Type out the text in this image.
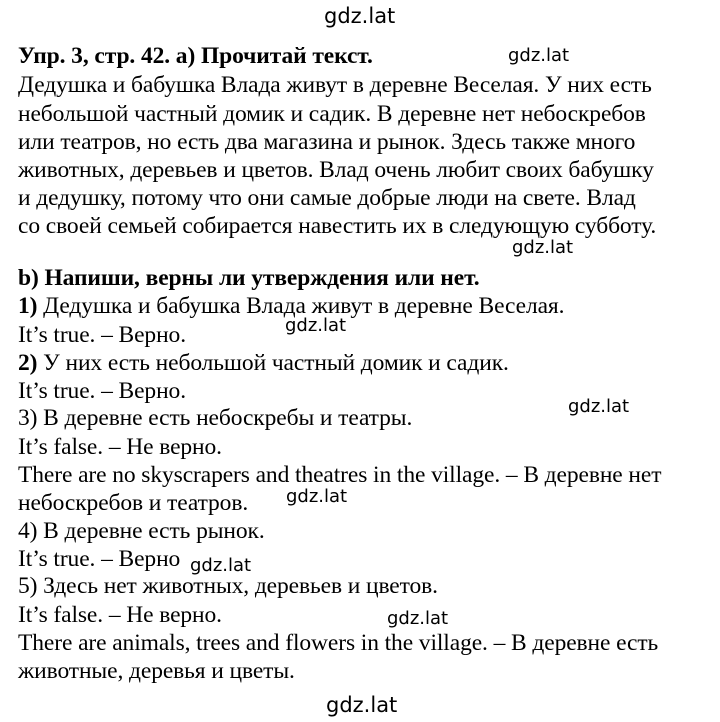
gdz.lat
gdz.lat
gdz.lat
gdz.lat
gdz.lat
gdz.lat
gdz.lat
gdz.lat
gdz.lat
Упр. 3, стр. 42. а) Прочитай текст.
Дедушка и бабушка Влада живут в деревне Веселая. У них есть
небольшой частный домик и садик. В деревне нет небоскребов
или театров, но есть два магазина и рынок. Здесь также много
животных, деревьев и цветов. Влад очень любит своих бабушку
и дедушку, потому что они самые добрые люди на свете. Влад
со своей семьей собирается навестить их в следующую субботу.
b) Напиши, верны ли утверждения или нет.
1) Дедушка и бабушка Влада живут в деревне Веселая.
It’s true. – Верно.
2) У них есть небольшой частный домик и садик.
It’s true. – Верно.
3) В деревне есть небоскребы и театры.
It’s false. – Не верно.
There are no skyscrapers and theatres in the village. – В деревне нет
небоскребов и театров.
4) В деревне есть рынок.
It’s true. – Верно
5) Здесь нет животных, деревьев и цветов.
It’s false. – Не верно.
There are animals, trees and flowers in the village. – В деревне есть
животные, деревья и цветы.
